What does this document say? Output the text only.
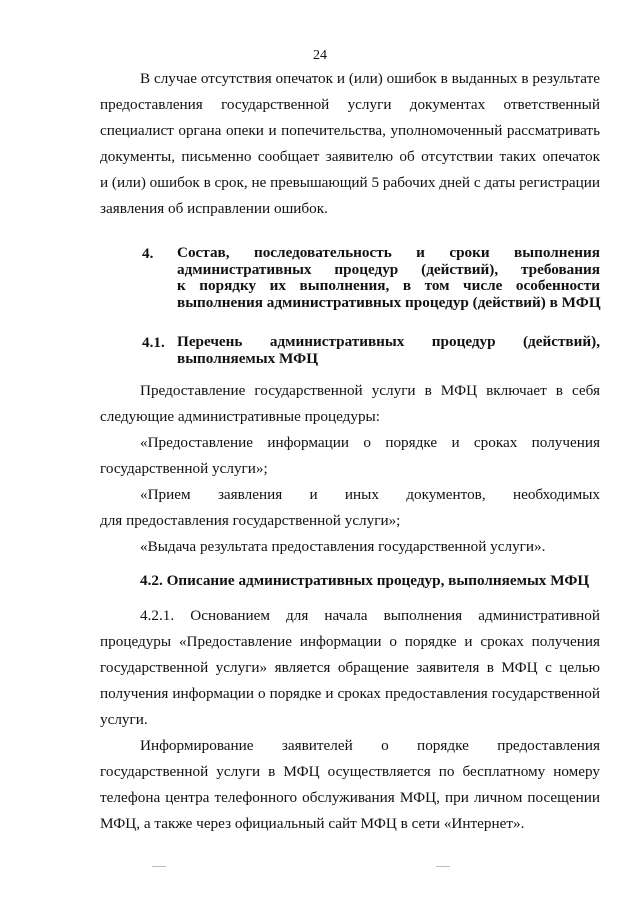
24
В случае отсутствия опечаток и (или) ошибок в выданных в результате
предоставления государственной услуги документах ответственный
специалист органа опеки и попечительства, уполномоченный рассматривать
документы, письменно сообщает заявителю об отсутствии таких опечаток
и (или) ошибок в срок, не превышающий 5 рабочих дней с даты регистрации
заявления об исправлении ошибок.
4. Состав, последовательность и сроки выполнения
административных процедур (действий), требования
к порядку их выполнения, в том числе особенности
выполнения административных процедур (действий) в МФЦ
4.1. Перечень административных процедур (действий),
выполняемых МФЦ
Предоставление государственной услуги в МФЦ включает в себя
следующие административные процедуры:
«Предоставление информации о порядке и сроках получения
государственной услуги»;
«Прием заявления и иных документов, необходимых
для предоставления государственной услуги»;
«Выдача результата предоставления государственной услуги».
4.2. Описание административных процедур, выполняемых МФЦ
4.2.1. Основанием для начала выполнения административной
процедуры «Предоставление информации о порядке и сроках получения
государственной услуги» является обращение заявителя в МФЦ с целью
получения информации о порядке и сроках предоставления государственной
услуги.
Информирование заявителей о порядке предоставления
государственной услуги в МФЦ осуществляется по бесплатному номеру
телефона центра телефонного обслуживания МФЦ, при личном посещении
МФЦ, а также через официальный сайт МФЦ в сети «Интернет».
